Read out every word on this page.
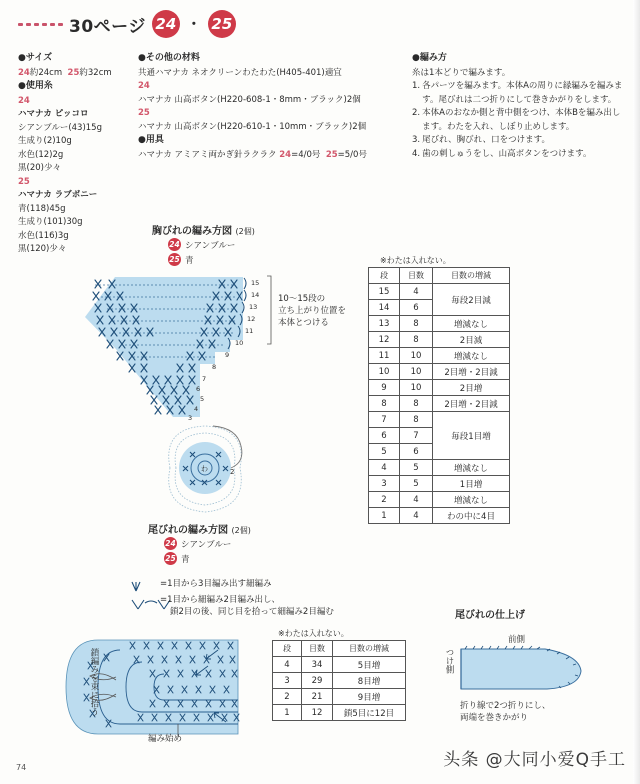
30ページ 24 ・ 25
●サイズ
24約24cm 25約32cm
●使用糸
24
ハマナカ ピッコロ
シアンブルー(43)15g
生成り(2)10g
水色(12)2g
黒(20)少々
25
ハマナカ ラブボニー
青(118)45g
生成り(101)30g
水色(116)3g
黒(120)少々
●その他の材料
共通ハマナカ ネオクリーンわたわた(H405-401)適宜
24
ハマナカ 山高ボタン(H220-608-1・8mm・ブラック)2個
25
ハマナカ 山高ボタン(H220-610-1・10mm・ブラック)2個
●用具
ハマナカ アミアミ両かぎ針ラクラク 24=4/0号 25=5/0号
●編み方
糸は1本どりで編みます。
1. 各パーツを編みます。本体Aの周りに縁編みを編みます。尾びれは二つ折りにして巻きかがりをします。
2. 本体Aのおなか側と背中側をつけ、本体Bを編み出します。わたを入れ、しぼり止めします。
3. 尾びれ、胸びれ、口をつけます。
4. 歯の刺しゅうをし、山高ボタンをつけます。
胸びれの編み方図 (2個)
24 シアンブルー
25 青
15
14
13
12
11
10
9
8
7
6
5
4
3
10〜15段の
立ち上がり位置を
本体とつける
わ	2
※わたは入れない。
段	目数	目数の増減
15	4	毎段2目減
14	6	
13	8	増減なし
12	8	2目減
11	10	増減なし
10	10	2目増・2目減
9	10	2目増
8	8	2目増・2目減
7	8	毎段1目増
6	7	
5	6	
4	5	増減なし
3	5	1目増
2	4	増減なし
1	4	わの中に4目
尾びれの編み方図 (2個)
24 シアンブルー
25 青
=1目から3目編み出す細編み
=1目から細編み2目編み出し、
鎖2目の後、同じ目を拾って細編み2目編む
鎖編みを束に拾う
編み始め
※わたは入れない。
段	目数	目数の増減
4	34	5目増
3	29	8目増
2	21	9目増
1	12	鎖5目に12目
尾びれの仕上げ
前側
つけ側
折り線で2つ折りにし、
両端を巻きかがり
74	头条 @大同小爱Q手工
